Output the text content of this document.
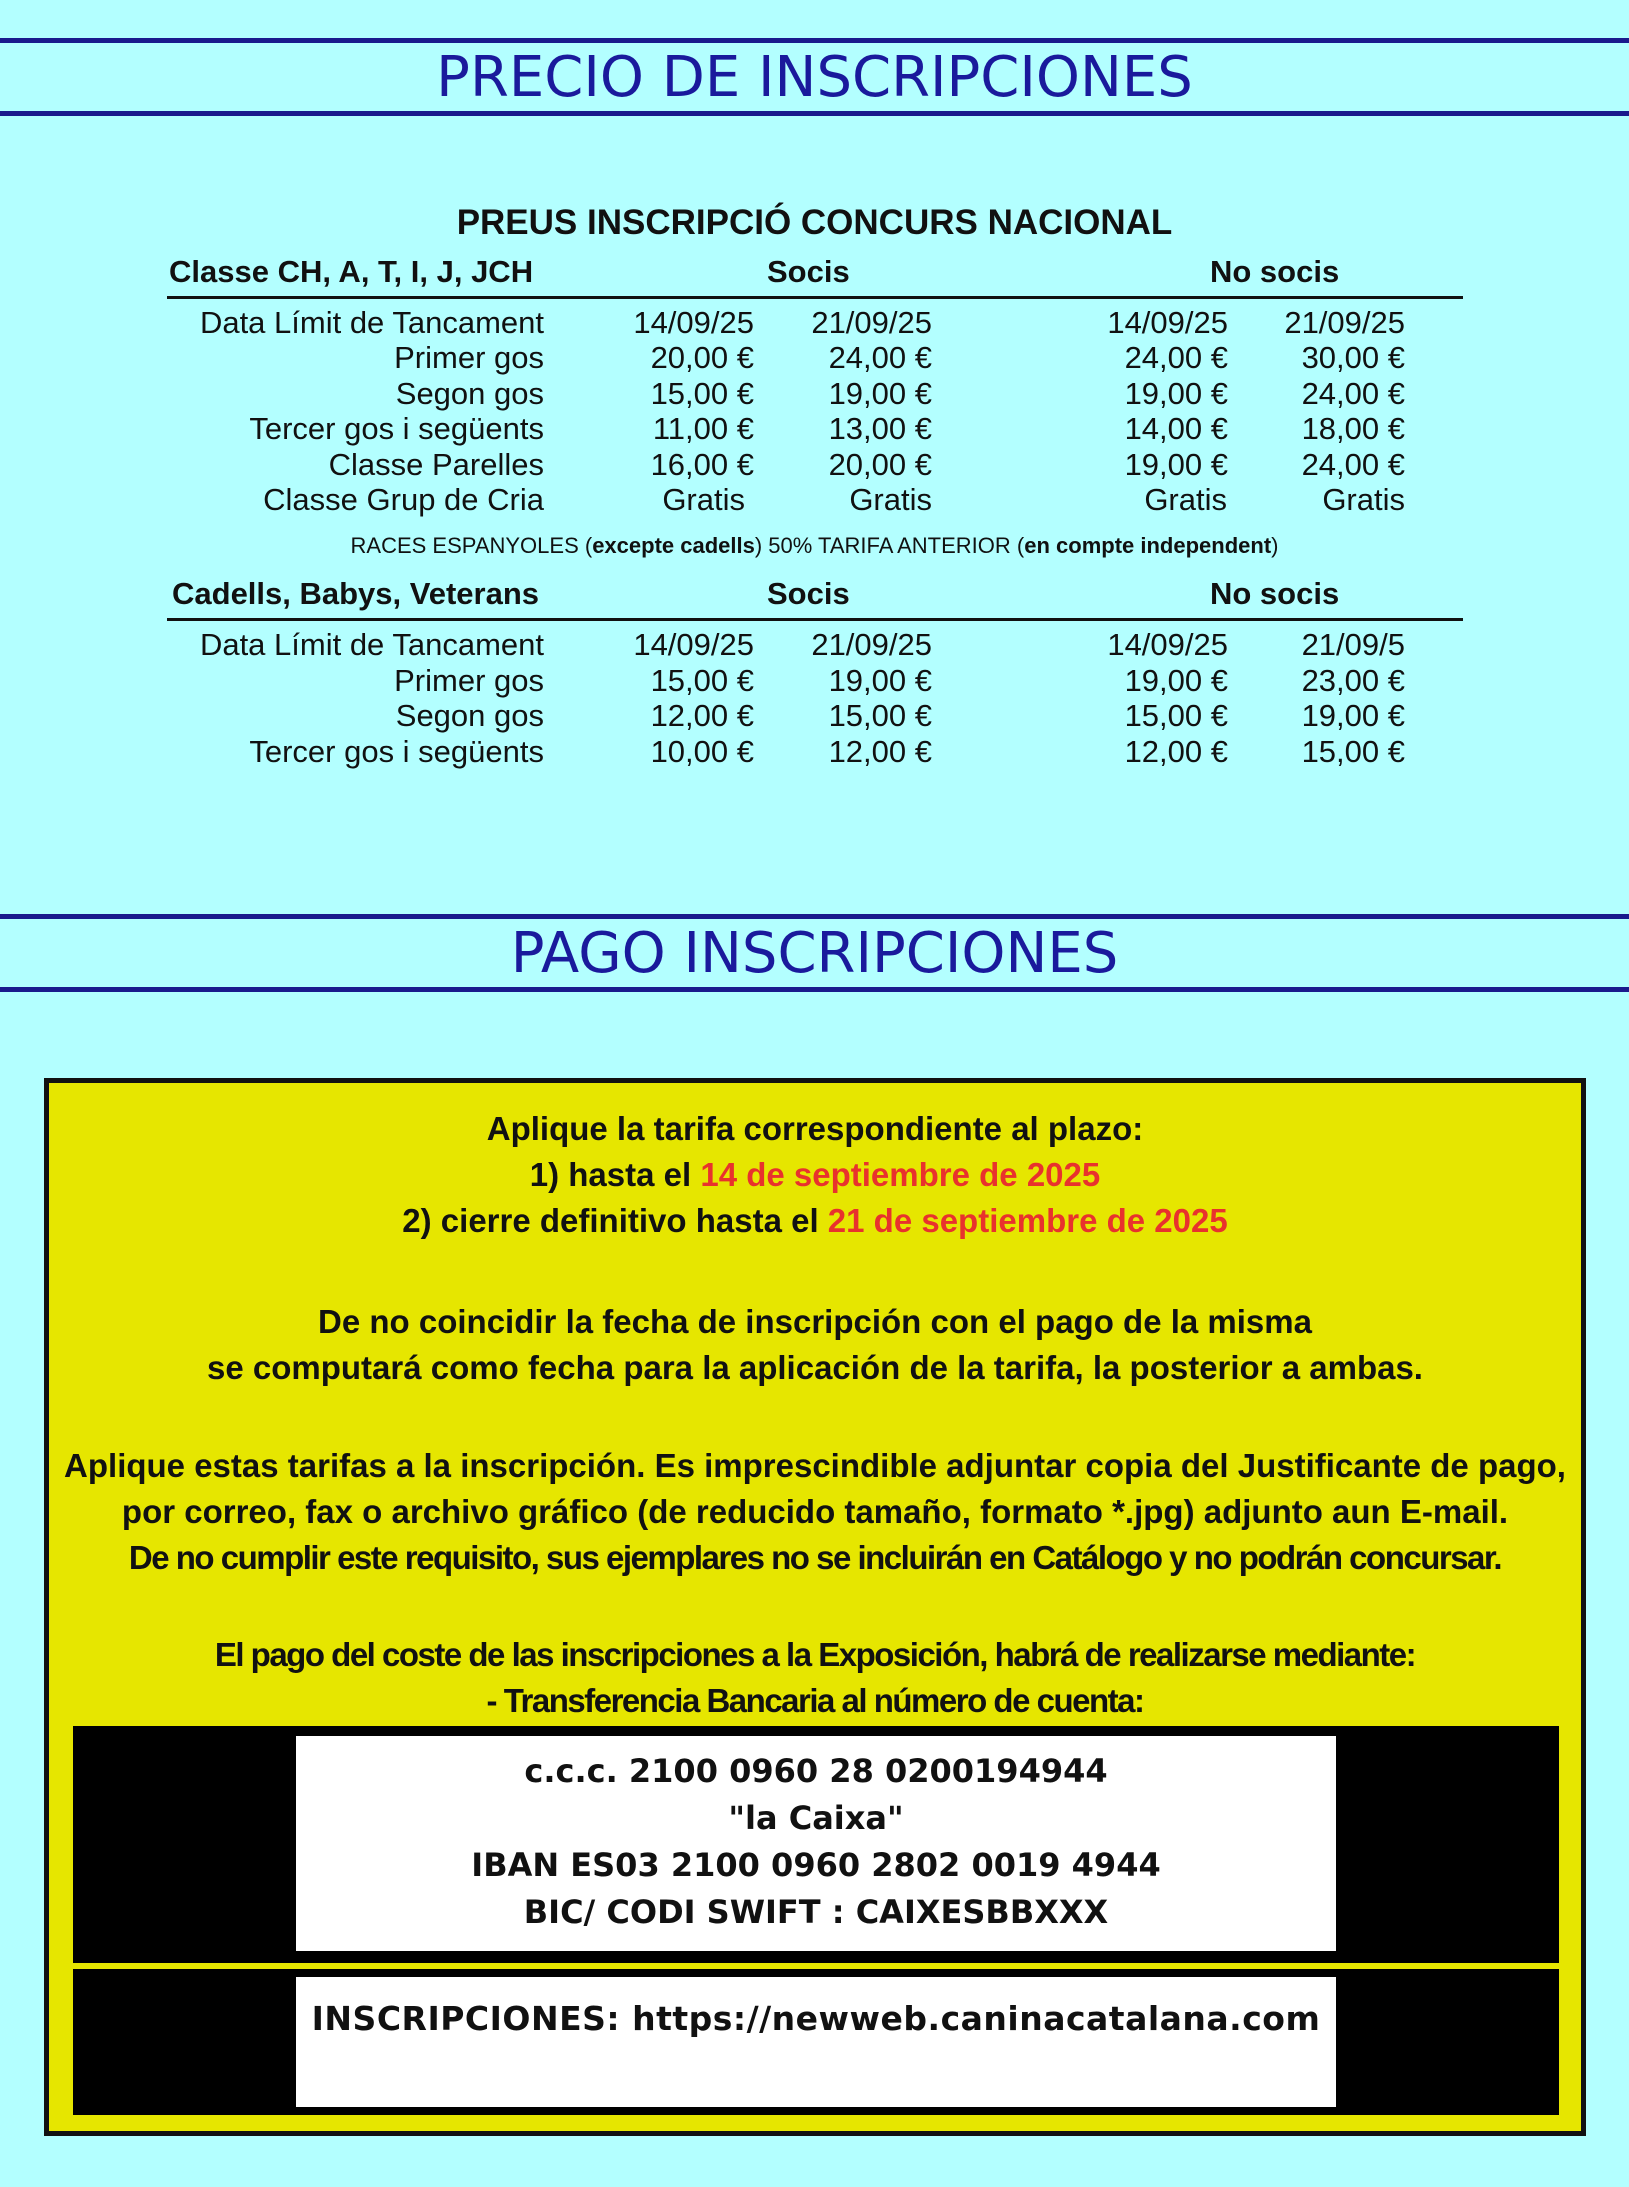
PRECIO DE INSCRIPCIONES
PREUS INSCRIPCIÓ CONCURS NACIONAL
Classe CH, A, T, I, J, JCH	Socis	No socis
Data Límit de Tancament	14/09/25 21/09/25	14/09/25 21/09/25
Primer gos	20,00 € 24,00 €	24,00 € 30,00 €
Segon gos	15,00 € 19,00 €	19,00 € 24,00 €
Tercer gos i següents	11,00 € 13,00 €	14,00 € 18,00 €
Classe Parelles	16,00 € 20,00 €	19,00 € 24,00 €
Classe Grup de Cria	Gratis	Gratis	Gratis	Gratis
RACES ESPANYOLES (excepte cadells) 50% TARIFA ANTERIOR (en compte independent)
Cadells, Babys, Veterans	Socis	No socis
Data Límit de Tancament	14/09/25 21/09/25	14/09/25 21/09/5
Primer gos	15,00 € 19,00 €	19,00 € 23,00 €
Segon gos	12,00 € 15,00 €	15,00 € 19,00 €
Tercer gos i següents	10,00 € 12,00 €	12,00 € 15,00 €
PAGO INSCRIPCIONES
Aplique la tarifa correspondiente al plazo:
1) hasta el 14 de septiembre de 2025
2) cierre definitivo hasta el 21 de septiembre de 2025
De no coincidir la fecha de inscripción con el pago de la misma
se computará como fecha para la aplicación de la tarifa, la posterior a ambas.
Aplique estas tarifas a la inscripción. Es imprescindible adjuntar copia del Justificante de pago,
por correo, fax o archivo gráfico (de reducido tamaño, formato *.jpg) adjunto aun E-mail.
De no cumplir este requisito, sus ejemplares no se incluirán en Catálogo y no podrán concursar.
El pago del coste de las inscripciones a la Exposición, habrá de realizarse mediante:
- Transferencia Bancaria al número de cuenta:
c.c.c. 2100 0960 28 0200194944
"la Caixa"
IBAN ES03 2100 0960 2802 0019 4944
BIC/ CODI SWIFT : CAIXESBBXXX
INSCRIPCIONES: https://newweb.caninacatalana.com
